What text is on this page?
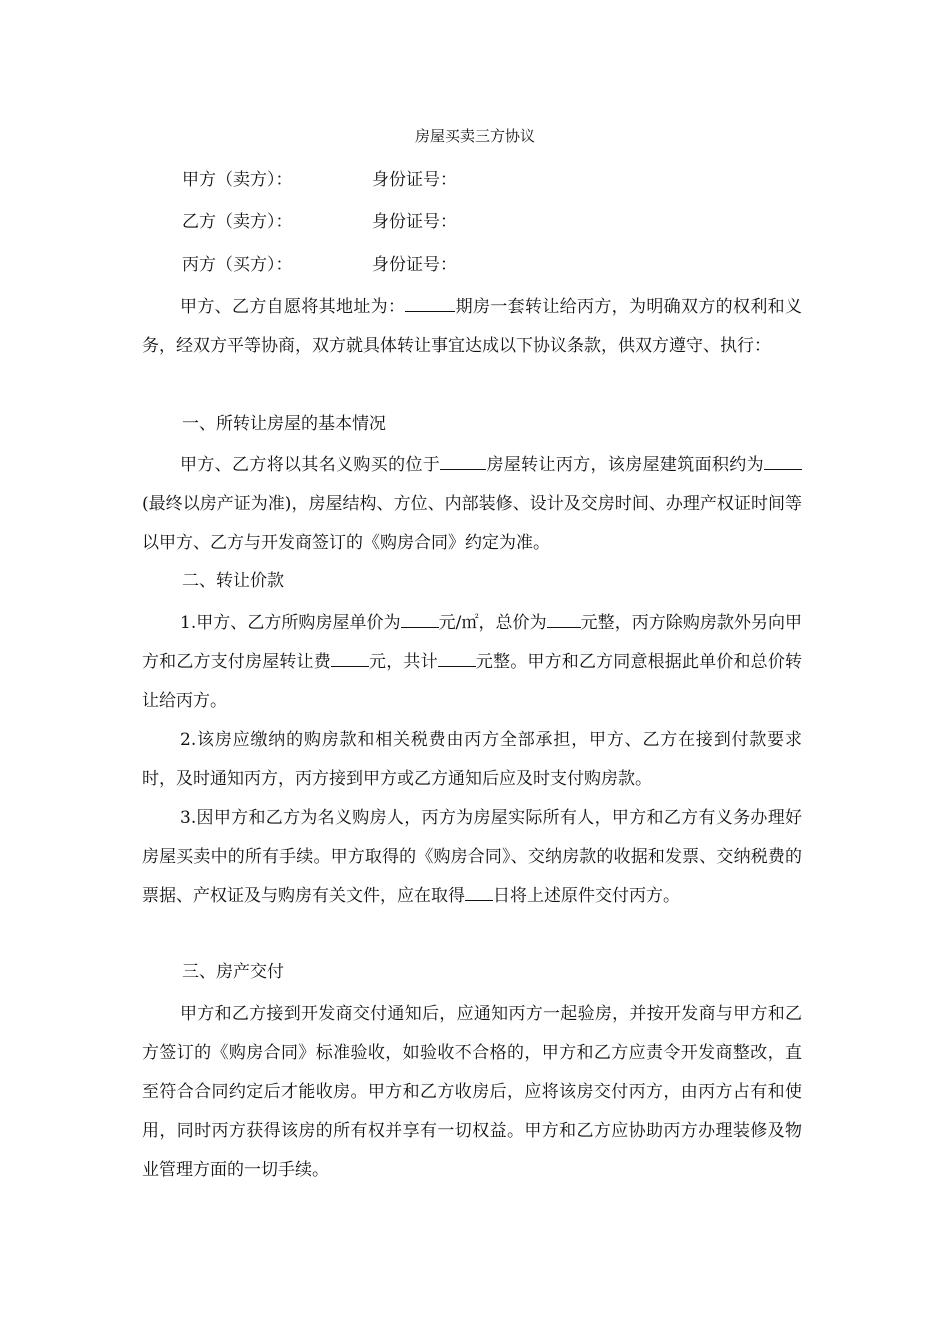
房屋买卖三方协议
甲方（卖方）：	身份证号：
乙方（卖方）：	身份证号：
丙方（买方）：	身份证号：
甲方、乙方自愿将其地址为：	期房一套转让给丙方，为明确双方的权利和义务，经双方平等协商，双方就具体转让事宜达成以下协议条款，供双方遵守、执行：
一、所转让房屋的基本情况
甲方、乙方将以其名义购买的位于	房屋转让丙方，该房屋建筑面积约为(最终以房产证为准)，房屋结构、方位、内部装修、设计及交房时间、办理产权证时间等以甲方、乙方与开发商签订的《购房合同》约定为准。
二、转让价款
1.甲方、乙方所购房屋单价为 元/㎡，总价为 元整，丙方除购房款外另向甲方和乙方支付房屋转让费 元，共计 元整。甲方和乙方同意根据此单价和总价转让给丙方。
2.该房应缴纳的购房款和相关税费由丙方全部承担，甲方、乙方在接到付款要求时，及时通知丙方，丙方接到甲方或乙方通知后应及时支付购房款。
3.因甲方和乙方为名义购房人，丙方为房屋实际所有人，甲方和乙方有义务办理好房屋买卖中的所有手续。甲方取得的《购房合同》、交纳房款的收据和发票、交纳税费的票据、产权证及与购房有关文件，应在取得 日将上述原件交付丙方。
三、房产交付
甲方和乙方接到开发商交付通知后，应通知丙方一起验房，并按开发商与甲方和乙方签订的《购房合同》标准验收，如验收不合格的，甲方和乙方应责令开发商整改，直至符合合同约定后才能收房。甲方和乙方收房后，应将该房交付丙方，由丙方占有和使用，同时丙方获得该房的所有权并享有一切权益。甲方和乙方应协助丙方办理装修及物业管理方面的一切手续。
